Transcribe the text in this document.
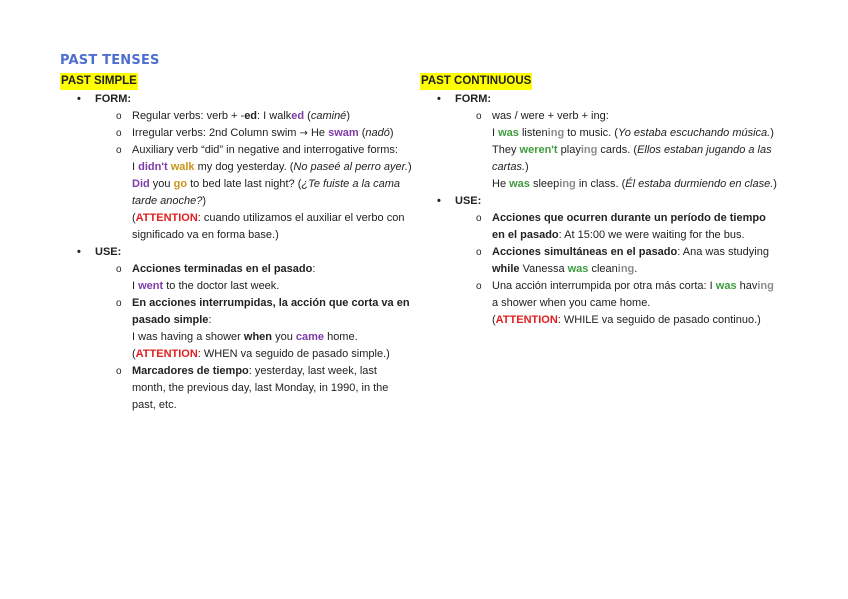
PAST TENSES
PAST SIMPLE
• FORM:
o Regular verbs: verb + -ed: I walked (caminé)
o Irregular verbs: 2nd Column swim → He swam (nadó)
o Auxiliary verb “did” in negative and interrogative forms:
I didn't walk my dog yesterday. (No paseé al perro ayer.)
Did you go to bed late last night? (¿Te fuiste a la cama tarde anoche?)
(ATTENTION: cuando utilizamos el auxiliar el verbo con significado va en forma base.)
• USE:
o Acciones terminadas en el pasado:
I went to the doctor last week.
o En acciones interrumpidas, la acción que corta va en pasado simple:
I was having a shower when you came home.
(ATTENTION: WHEN va seguido de pasado simple.)
o Marcadores de tiempo: yesterday, last week, last month, the previous day, last Monday, in 1990, in the past, etc.
PAST CONTINUOUS
• FORM:
o was / were + verb + ing:
I was listening to music. (Yo estaba escuchando música.)
They weren't playing cards. (Ellos estaban jugando a las cartas.)
He was sleeping in class. (Él estaba durmiendo en clase.)
• USE:
o Acciones que ocurren durante un período de tiempo en el pasado: At 15:00 we were waiting for the bus.
o Acciones simultáneas en el pasado: Ana was studying while Vanessa was cleaning.
o Una acción interrumpida por otra más corta: I was having a shower when you came home.
(ATTENTION: WHILE va seguido de pasado continuo.)
